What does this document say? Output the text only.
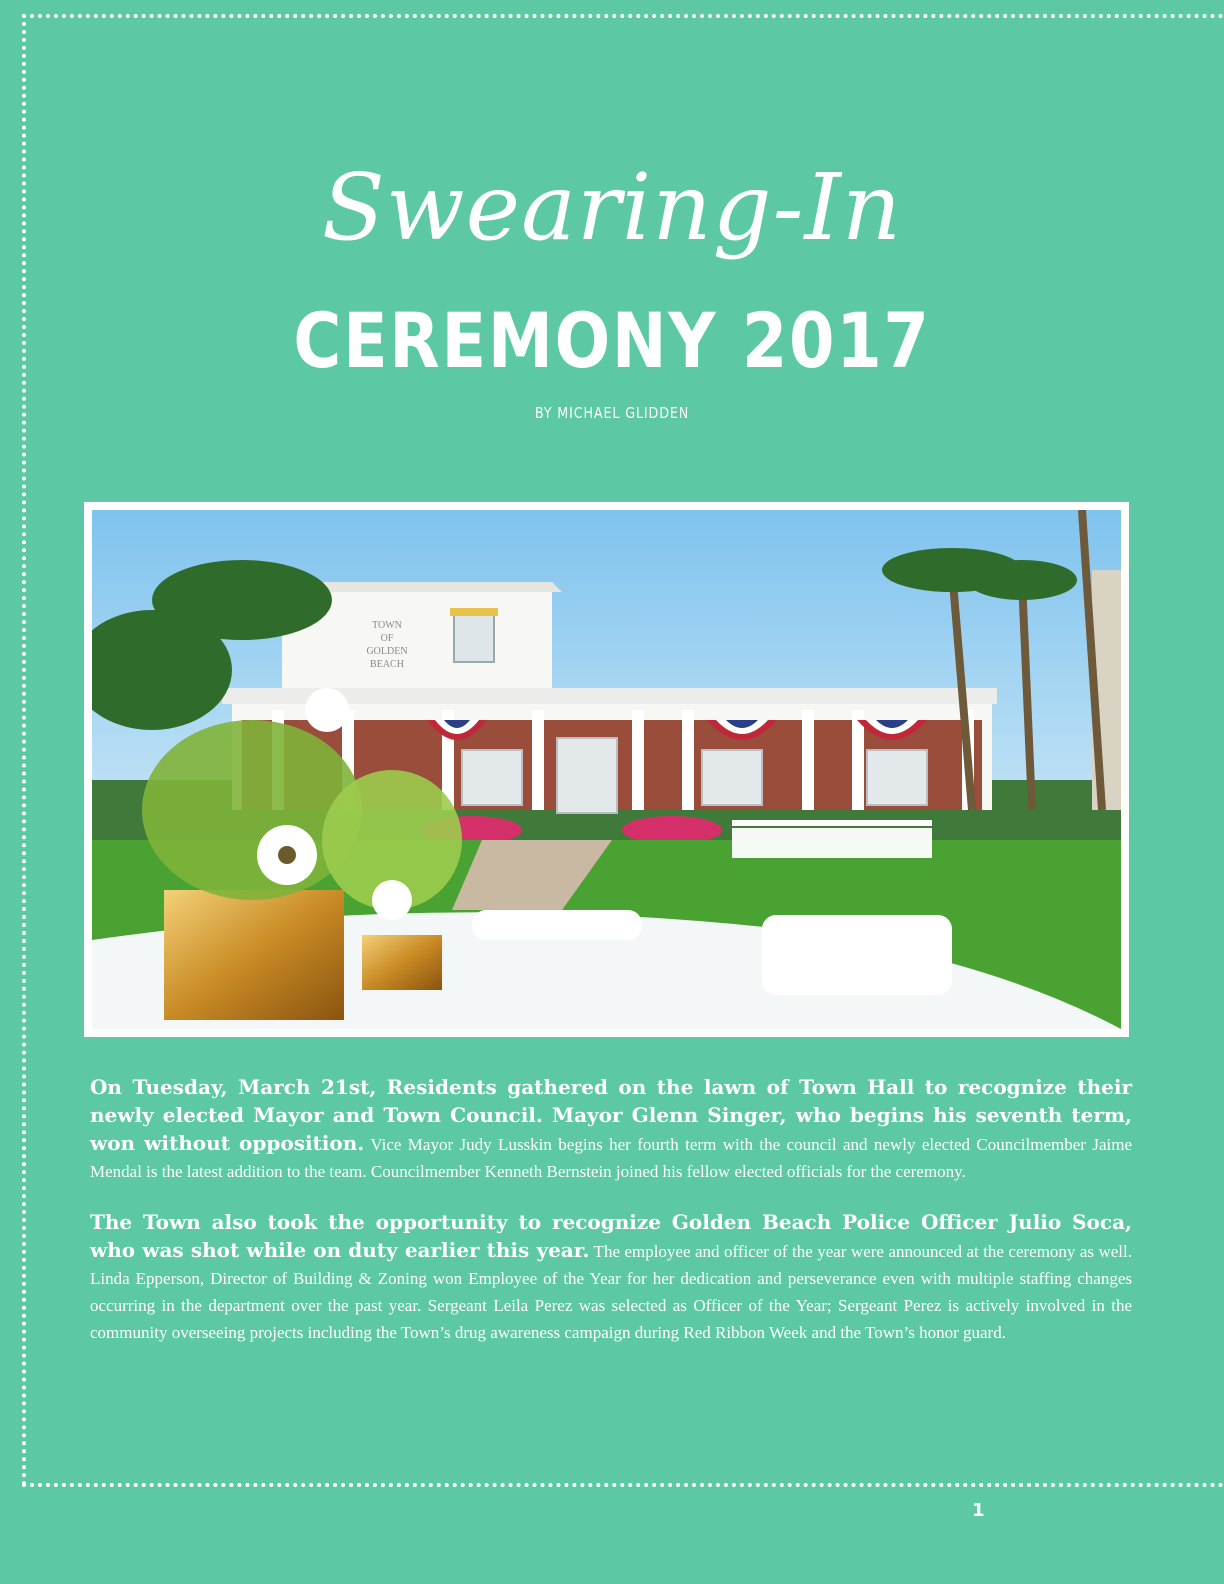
Swearing-In
CEREMONY 2017
BY MICHAEL GLIDDEN
TOWN
OF
GOLDEN
BEACH

On Tuesday, March 21st, Residents gathered on the lawn of Town Hall to recognize their newly elected Mayor and Town Council. Mayor Glenn Singer, who begins his seventh term, won without opposition. Vice Mayor Judy Lusskin begins her fourth term with the council and newly elected Councilmember Jaime Mendal is the latest addition to the team. Councilmember Kenneth Bernstein joined his fellow elected officials for the ceremony.

The Town also took the opportunity to recognize Golden Beach Police Officer Julio Soca, who was shot while on duty earlier this year. The employee and officer of the year were announced at the ceremony as well. Linda Epperson, Director of Building & Zoning won Employee of the Year for her dedication and perseverance even with multiple staffing changes occurring in the department over the past year. Sergeant Leila Perez was selected as Officer of the Year; Sergeant Perez is actively involved in the community overseeing projects including the Town’s drug awareness campaign during Red Ribbon Week and the Town’s honor guard.

1
